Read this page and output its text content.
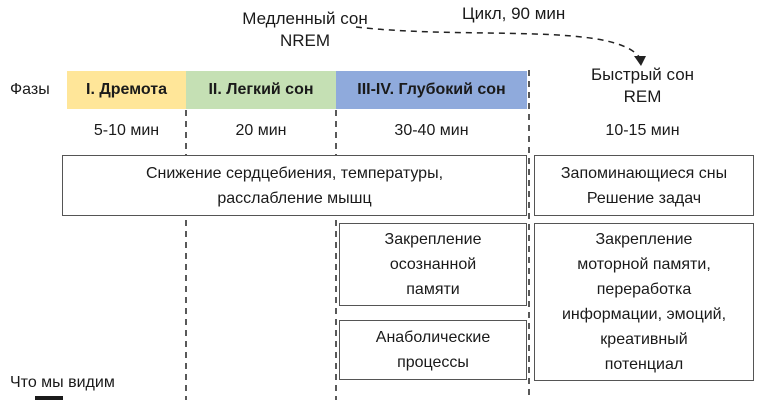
Медленный сон
NREM
Цикл, 90 мин
Быстрый сон
REM
Фазы I. Дремота	II. Легкий сон	III-IV. Глубокий сон
5-10 мин	20 мин	30-40 мин	10-15 мин
Снижение сердцебиения, температуры,
расслабление мышц
Закрепление
осознанной
памяти
Анаболические
процессы
Запоминающиеся сны
Решение задач
Закрепление
моторной памяти,
переработка
информации, эмоций,
креативный
потенциал
Что мы видим
